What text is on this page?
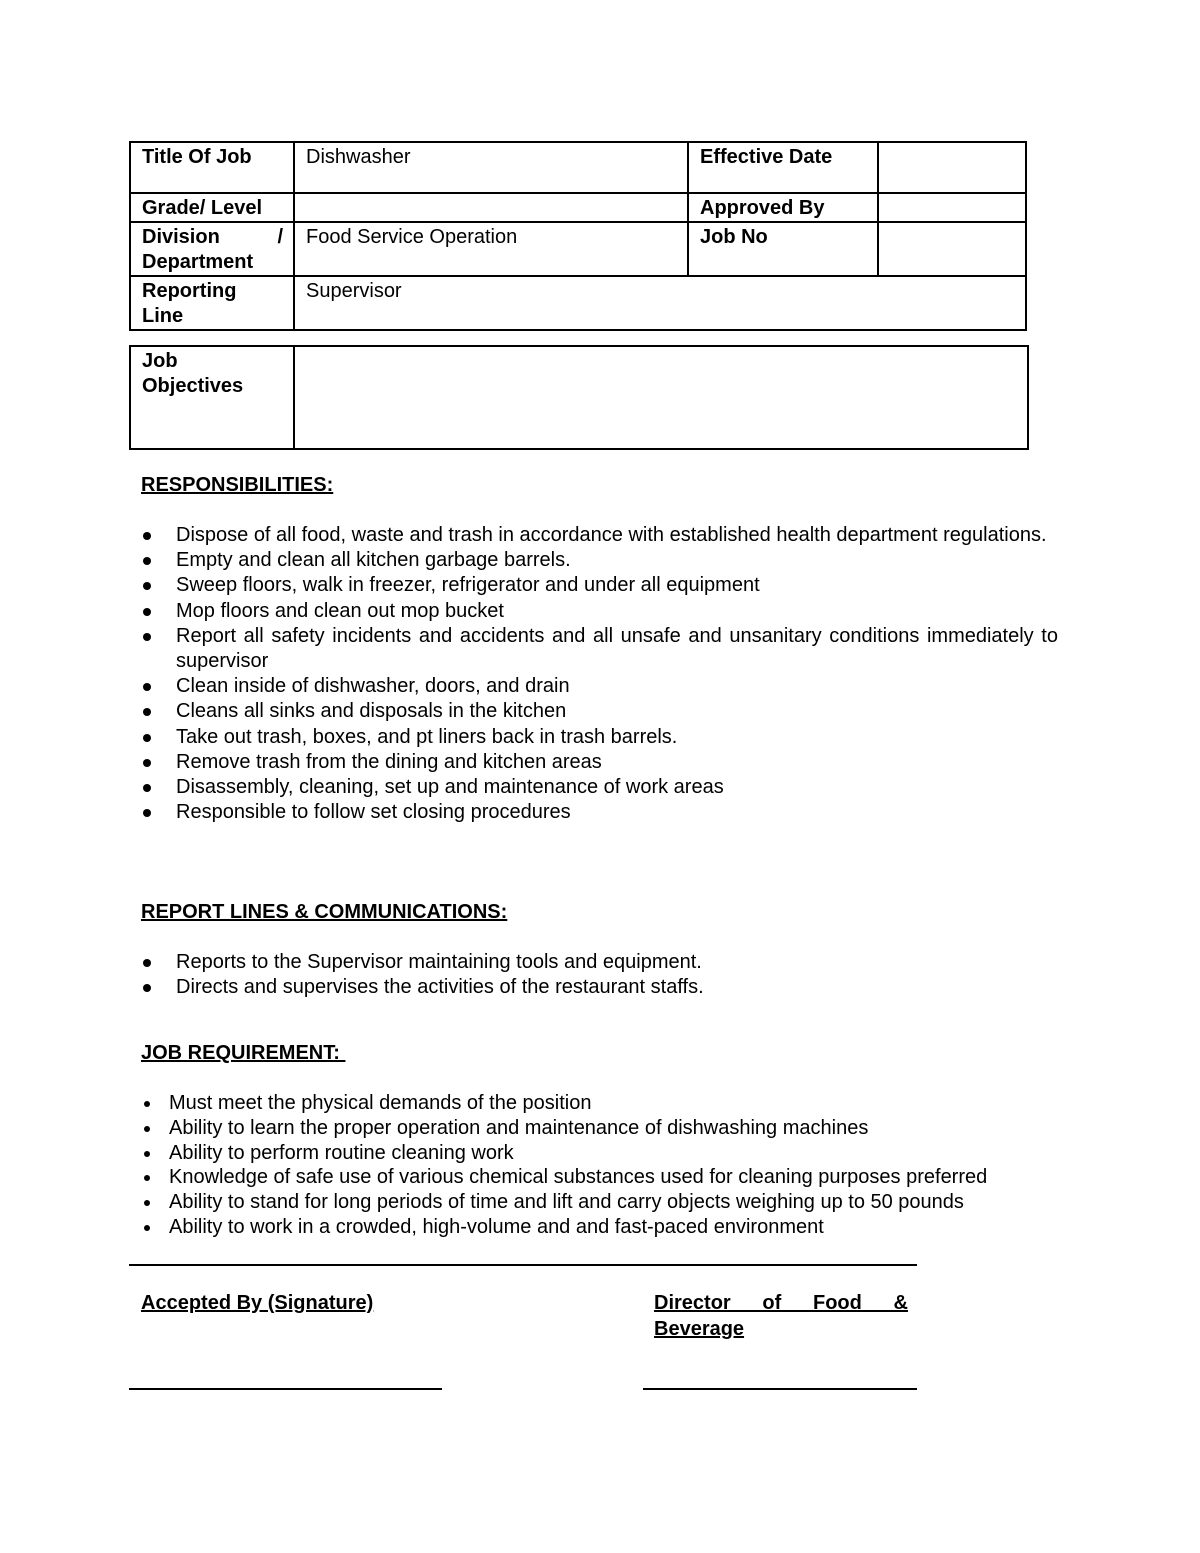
Title Of Job	Dishwasher	Effective Date	
Grade/ Level		Approved By	

Division /
Department	Food Service Operation	Job No	

Reporting
Line	Supervisor		
Job
Objectives

RESPONSIBILITIES:
Dispose of all food, waste and trash in accordance with established health department regulations.
Empty and clean all kitchen garbage barrels.
Sweep floors, walk in freezer, refrigerator and under all equipment
Mop floors and clean out mop bucket
Report all safety incidents and accidents and all unsafe and unsanitary conditions immediately to supervisor
Clean inside of dishwasher, doors, and drain
Cleans all sinks and disposals in the kitchen
Take out trash, boxes, and pt liners back in trash barrels.
Remove trash from the dining and kitchen areas
Disassembly, cleaning, set up and maintenance of work areas
Responsible to follow set closing procedures
REPORT LINES & COMMUNICATIONS:
Reports to the Supervisor maintaining tools and equipment.
Directs and supervises the activities of the restaurant staffs.
JOB REQUIREMENT:
Must meet the physical demands of the position
Ability to learn the proper operation and maintenance of dishwashing machines
Ability to perform routine cleaning work
Knowledge of safe use of various chemical substances used for cleaning purposes preferred
Ability to stand for long periods of time and lift and carry objects weighing up to 50 pounds
Ability to work in a crowded, high-volume and and fast-paced environment
Accepted By (Signature)	Director of Food & Beverage
